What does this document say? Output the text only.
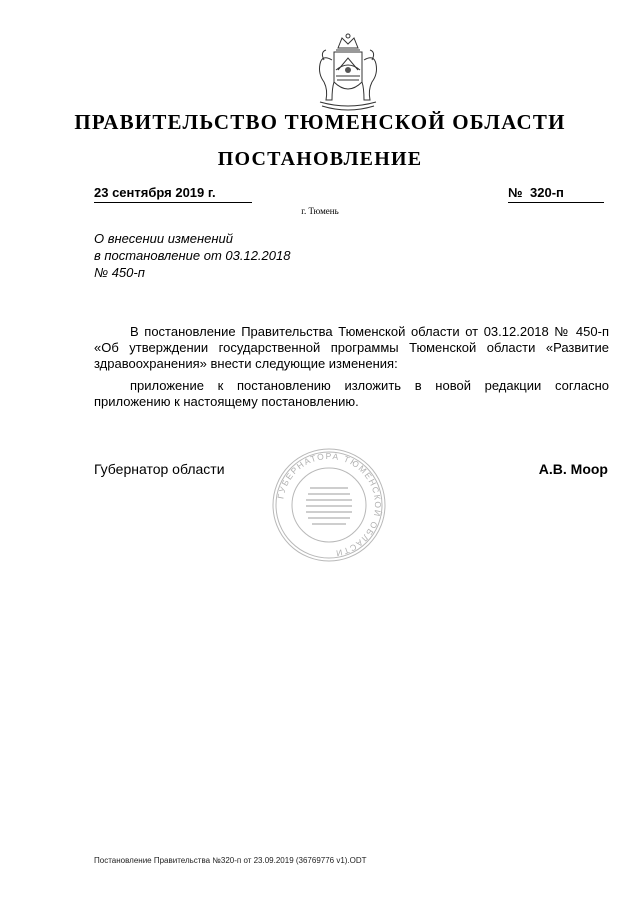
ПРАВИТЕЛЬСТВО ТЮМЕНСКОЙ ОБЛАСТИ
ПОСТАНОВЛЕНИЕ
23 сентября 2019 г.	№ 320-п
г. Тюмень
О внесении изменений
в постановление от 03.12.2018
№ 450-п

В постановление Правительства Тюменской области от 03.12.2018 № 450-п «Об утверждении государственной программы Тюменской области «Развитие здравоохранения» внести следующие изменения:

приложение к постановлению изложить в новой редакции согласно приложению к настоящему постановлению.

Губернатор области
ГУБЕРНАТОРА ТЮМЕНСКОЙ ОБЛАСТИ
А.В. Моор
Постановление Правительства №320-п от 23.09.2019 (36769776 v1).ODT
